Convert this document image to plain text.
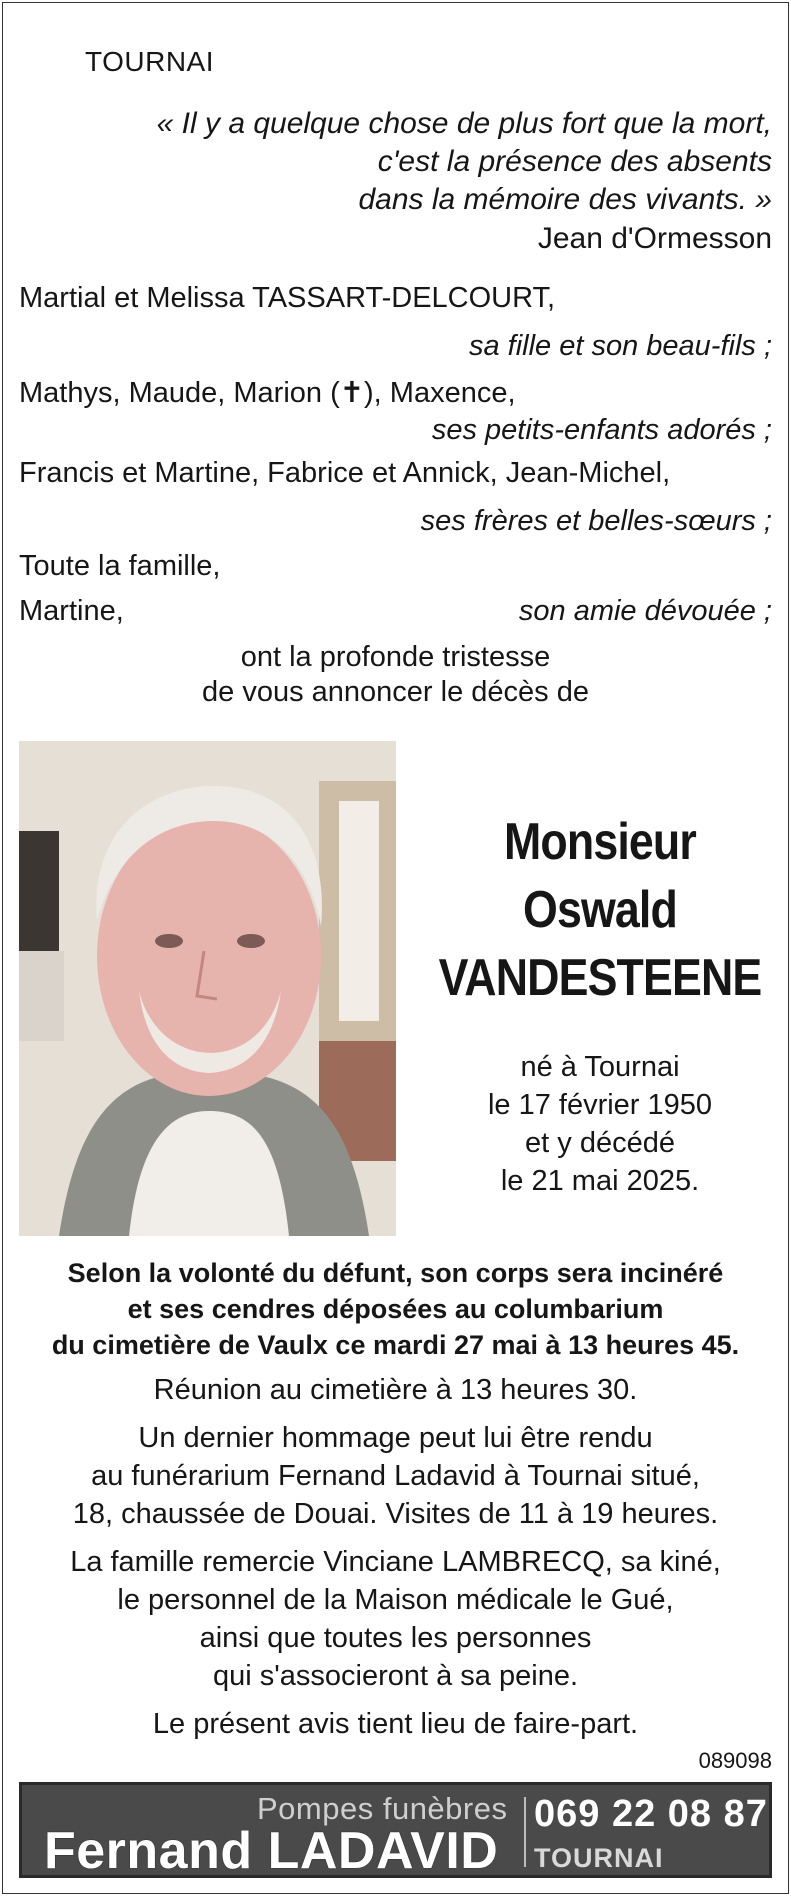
TOURNAI
« Il y a quelque chose de plus fort que la mort,
c'est la présence des absents
dans la mémoire des vivants. »
Jean d'Ormesson
Martial et Melissa TASSART-DELCOURT,
sa fille et son beau-fils ;
Mathys, Maude, Marion (✝), Maxence,
ses petits-enfants adorés ;
Francis et Martine, Fabrice et Annick, Jean-Michel,
ses frères et belles-sœurs ;
Toute la famille,
Martine,	son amie dévouée ;
ont la profonde tristesse
de vous annoncer le décès de
Monsieur
Oswald
VANDESTEENE
né à Tournai
le 17 février 1950
et y décédé
le 21 mai 2025.
Selon la volonté du défunt, son corps sera incinéré
et ses cendres déposées au columbarium
du cimetière de Vaulx ce mardi 27 mai à 13 heures 45.
Réunion au cimetière à 13 heures 30.
Un dernier hommage peut lui être rendu
au funérarium Fernand Ladavid à Tournai situé,
18, chaussée de Douai. Visites de 11 à 19 heures.
La famille remercie Vinciane LAMBRECQ, sa kiné,
le personnel de la Maison médicale le Gué,
ainsi que toutes les personnes
qui s'associeront à sa peine.
Le présent avis tient lieu de faire-part.
089098
Pompes funèbres
Fernand LADAVID
069 22 08 87
TOURNAI
